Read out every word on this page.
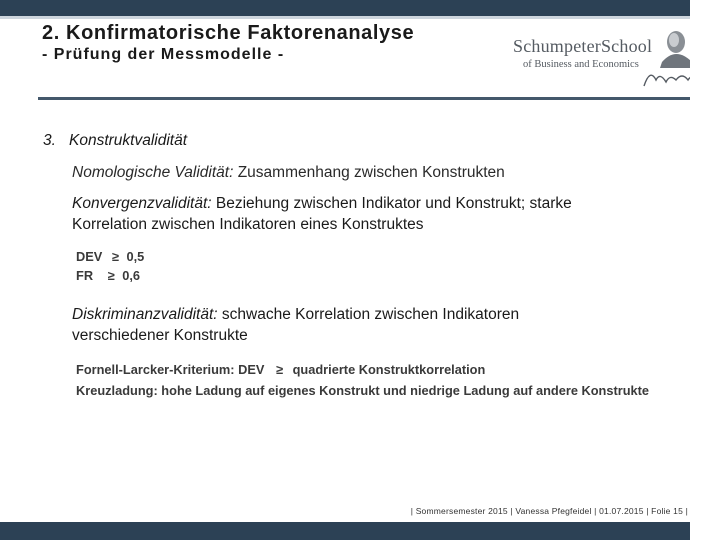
2. Konfirmatorische Faktorenanalyse
- Prüfung der Messmodelle -	SchumpeterSchool
of Business and Economics
3. Konstruktvalidität
Nomologische Validität: Zusammenhang zwischen Konstrukten
Konvergenzvalidität: Beziehung zwischen Indikator und Konstrukt; starke
Korrelation zwischen Indikatoren eines Konstruktes
DEV ≥ 0,5
FR ≥ 0,6
Diskriminanzvalidität: schwache Korrelation zwischen Indikatoren
verschiedener Konstrukte
Fornell-Larcker-Kriterium: DEV ≥ quadrierte Konstruktkorrelation
Kreuzladung: hohe Ladung auf eigenes Konstrukt und niedrige Ladung auf andere Konstrukte
| Sommersemester 2015 | Vanessa Pfegfeidel | 01.07.2015 | Folie 15 |
